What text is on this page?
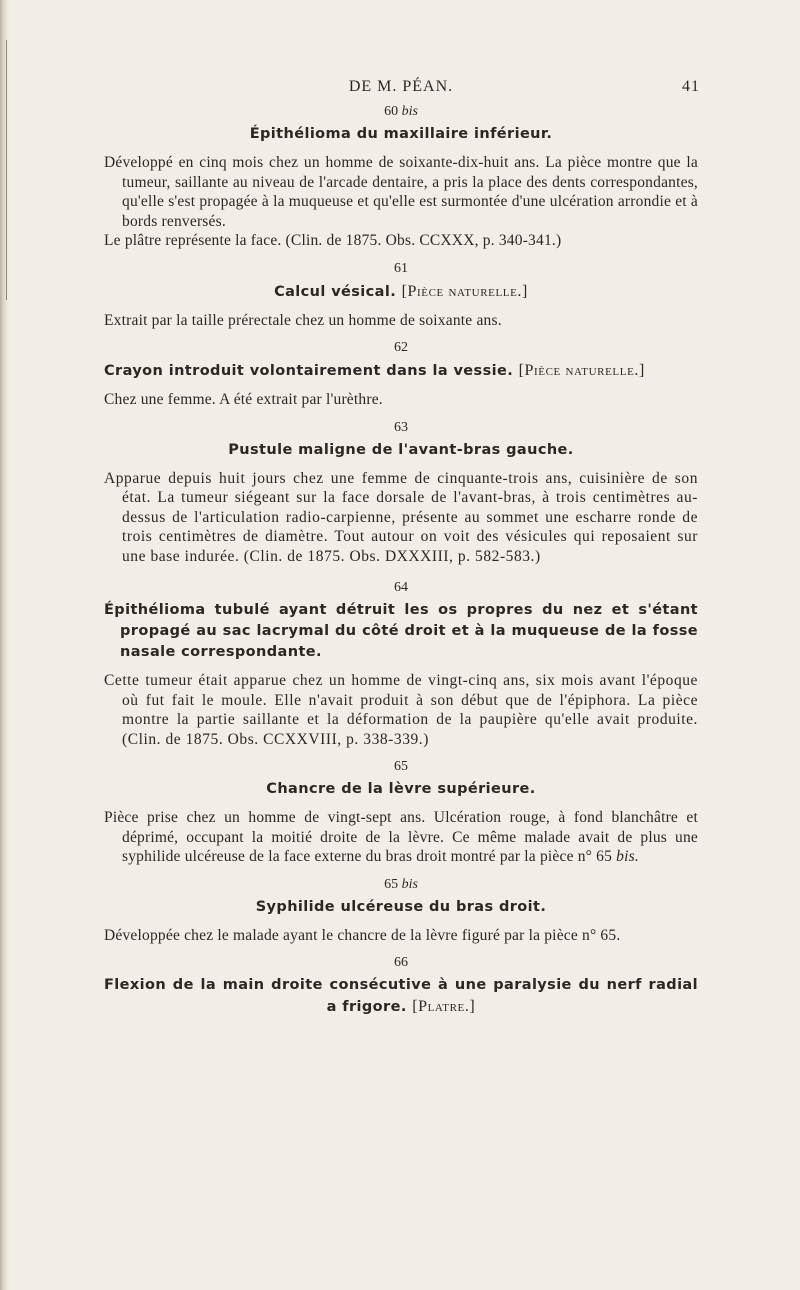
DE M. PÉAN.	41

60 bis

Épithélioma du maxillaire inférieur.

Développé en cinq mois chez un homme de soixante-dix-huit ans. La pièce montre que la tumeur, saillante au niveau de l'arcade dentaire, a pris la place des dents correspondantes, qu'elle s'est propagée à la muqueuse et qu'elle est surmontée d'une ulcération arrondie et à bords renversés.

Le plâtre représente la face. (Clin. de 1875. Obs. CCXXX, p. 340-341.)

61

Calcul vésical. [Pièce naturelle.]

Extrait par la taille prérectale chez un homme de soixante ans.

62

Crayon introduit volontairement dans la vessie. [Pièce naturelle.]

Chez une femme. A été extrait par l'urèthre.

63

Pustule maligne de l'avant-bras gauche.

Apparue depuis huit jours chez une femme de cinquante-trois ans, cuisinière de son état. La tumeur siégeant sur la face dorsale de l'avant-bras, à trois centimètres au-dessus de l'articulation radio-carpienne, présente au sommet une escharre ronde de trois centimètres de diamètre. Tout autour on voit des vésicules qui reposaient sur une base indurée. (Clin. de 1875. Obs. DXXXIII, p. 582-583.)

64

Épithélioma tubulé ayant détruit les os propres du nez et s'étant propagé au sac lacrymal du côté droit et à la muqueuse de la fosse nasale correspondante.

Cette tumeur était apparue chez un homme de vingt-cinq ans, six mois avant l'époque où fut fait le moule. Elle n'avait produit à son début que de l'épiphora. La pièce montre la partie saillante et la déformation de la paupière qu'elle avait produite. (Clin. de 1875. Obs. CCXXVIII, p. 338-339.)

65

Chancre de la lèvre supérieure.

Pièce prise chez un homme de vingt-sept ans. Ulcération rouge, à fond blanchâtre et déprimé, occupant la moitié droite de la lèvre. Ce même malade avait de plus une syphilide ulcéreuse de la face externe du bras droit montré par la pièce n° 65 bis.

65 bis

Syphilide ulcéreuse du bras droit.

Développée chez le malade ayant le chancre de la lèvre figuré par la pièce n° 65.

66

Flexion de la main droite consécutive à une paralysie du nerf radial a frigore. [Platre.]
